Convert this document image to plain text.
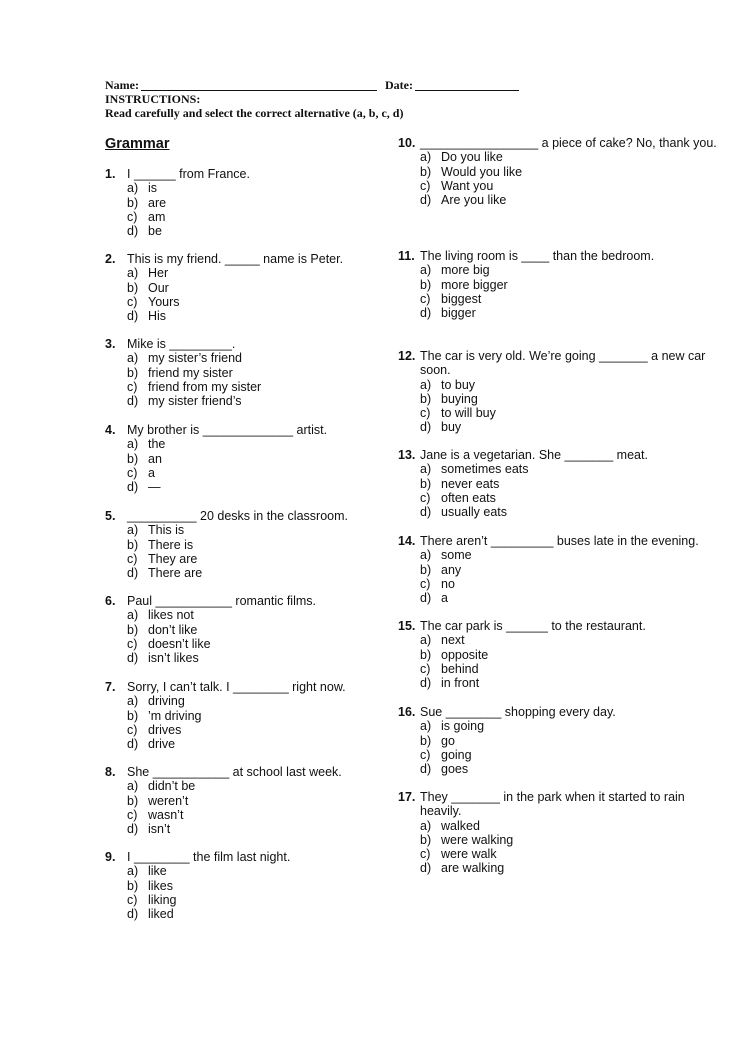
Name:	Date:
INSTRUCTIONS:
Read carefully and select the correct alternative (a, b, c, d)
Grammar
1. I ______ from France.
a) is
b) are
c) am
d) be
2. This is my friend. _____ name is Peter.
a) Her
b) Our
c) Yours
d) His
3. Mike is _________.
a) my sister’s friend
b) friend my sister
c) friend from my sister
d) my sister friend’s
4. My brother is _____________ artist.
a) the
b) an
c) a
d) —
5. __________ 20 desks in the classroom.
a) This is
b) There is
c) They are
d) There are
6. Paul ___________ romantic films.
a) likes not
b) don’t like
c) doesn’t like
d) isn’t likes
7. Sorry, I can’t talk. I ________ right now.
a) driving
b) ’m driving
c) drives
d) drive
8. She ___________ at school last week.
a) didn’t be
b) weren’t
c) wasn’t
d) isn’t
9. I ________ the film last night.
a) like
b) likes
c) liking
d) liked
10. _________________ a piece of cake? No, thank you.
a) Do you like
b) Would you like
c) Want you
d) Are you like
11. The living room is ____ than the bedroom.
a) more big
b) more bigger
c) biggest
d) bigger
12. The car is very old. We’re going _______ a new car soon.
a) to buy
b) buying
c) to will buy
d) buy
13. Jane is a vegetarian. She _______ meat.
a) sometimes eats
b) never eats
c) often eats
d) usually eats
14. There aren’t _________ buses late in the evening.
a) some
b) any
c) no
d) a
15. The car park is ______ to the restaurant.
a) next
b) opposite
c) behind
d) in front
16. Sue ________ shopping every day.
a) is going
b) go
c) going
d) goes
17. They _______ in the park when it started to rain heavily.
a) walked
b) were walking
c) were walk
d) are walking
